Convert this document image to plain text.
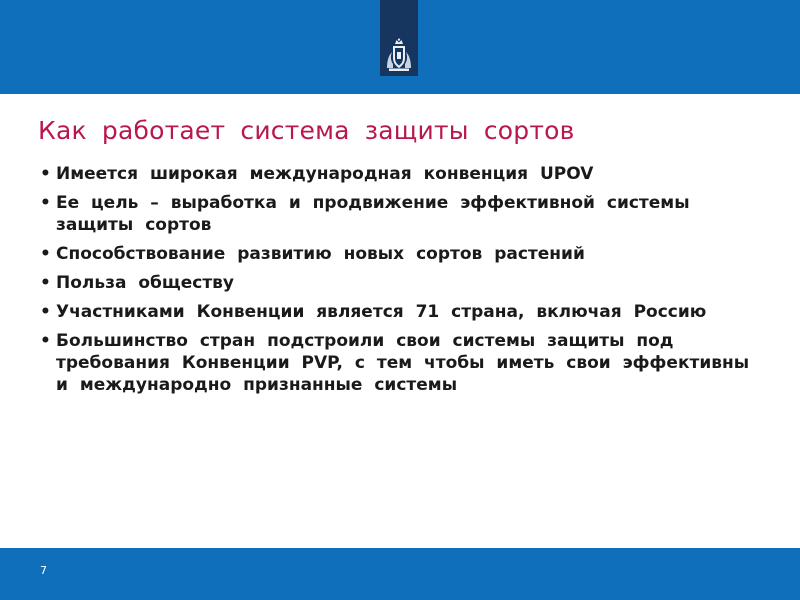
Как работает система защиты сортов
• Имеется широкая международная конвенция UPOV
• Ее цель – выработка и продвижение эффективной системы защиты сортов
• Способствование развитию новых сортов растений
• Польза обществу
• Участниками Конвенции является 71 страна, включая Россию
• Большинство стран подстроили свои системы защиты под требования Конвенции PVP, с тем чтобы иметь свои эффективны и международно признанные системы
7
